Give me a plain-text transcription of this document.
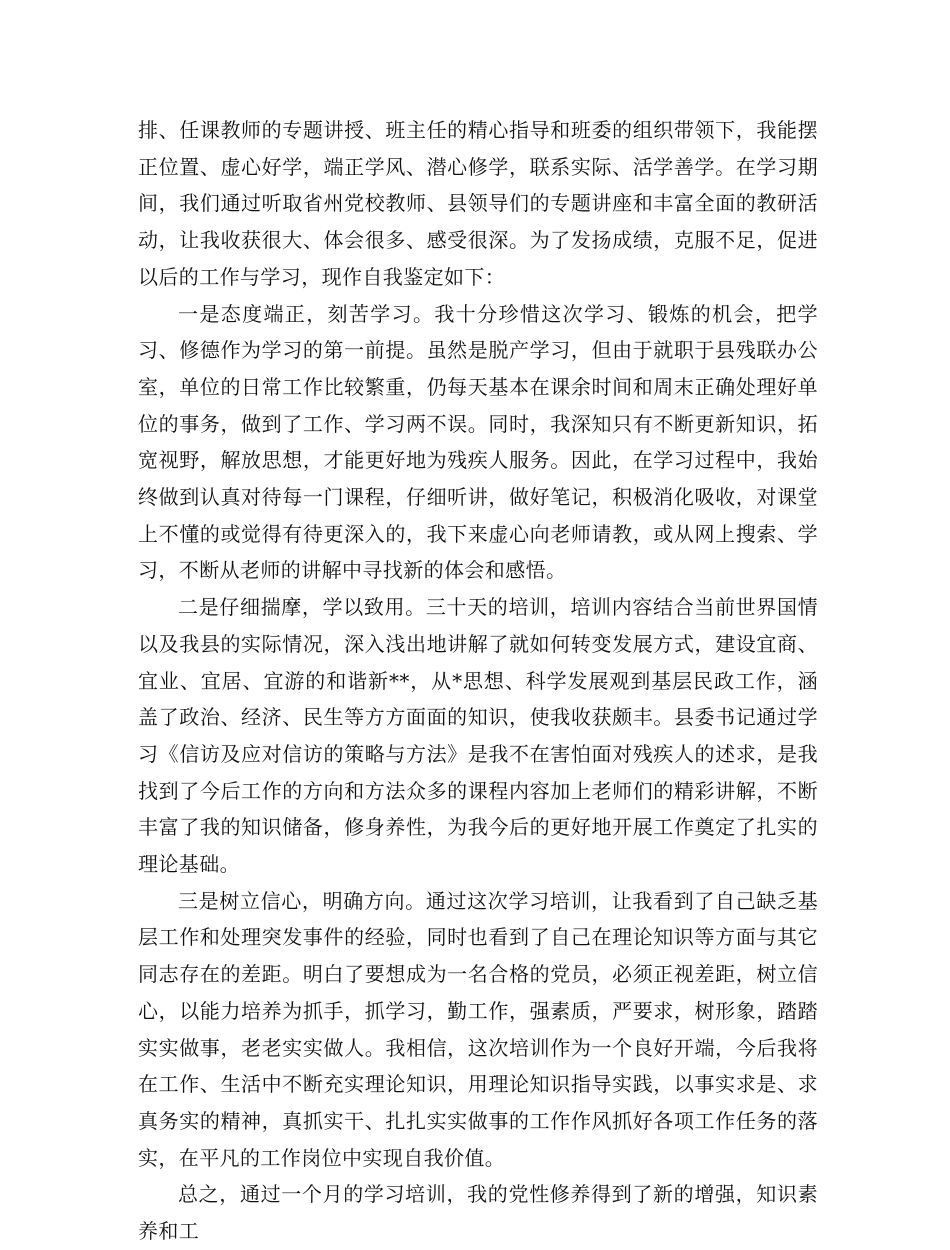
排、任课教师的专题讲授、班主任的精心指导和班委的组织带领下，我能摆正位置、虚心好学，端正学风、潜心修学，联系实际、活学善学。在学习期间，我们通过听取省州党校教师、县领导们的专题讲座和丰富全面的教研活动，让我收获很大、体会很多、感受很深。为了发扬成绩，克服不足，促进以后的工作与学习，现作自我鉴定如下：

一是态度端正，刻苦学习。我十分珍惜这次学习、锻炼的机会，把学习、修德作为学习的第一前提。虽然是脱产学习，但由于就职于县残联办公室，单位的日常工作比较繁重，仍每天基本在课余时间和周末正确处理好单位的事务，做到了工作、学习两不误。同时，我深知只有不断更新知识，拓宽视野，解放思想，才能更好地为残疾人服务。因此，在学习过程中，我始终做到认真对待每一门课程，仔细听讲，做好笔记，积极消化吸收，对课堂上不懂的或觉得有待更深入的，我下来虚心向老师请教，或从网上搜索、学习，不断从老师的讲解中寻找新的体会和感悟。

二是仔细揣摩，学以致用。三十天的培训，培训内容结合当前世界国情以及我县的实际情况，深入浅出地讲解了就如何转变发展方式，建设宜商、宜业、宜居、宜游的和谐新**，从*思想、科学发展观到基层民政工作，涵盖了政治、经济、民生等方方面面的知识，使我收获颇丰。县委书记通过学习《信访及应对信访的策略与方法》是我不在害怕面对残疾人的述求，是我找到了今后工作的方向和方法众多的课程内容加上老师们的精彩讲解，不断丰富了我的知识储备，修身养性，为我今后的更好地开展工作奠定了扎实的理论基础。

三是树立信心，明确方向。通过这次学习培训，让我看到了自己缺乏基层工作和处理突发事件的经验，同时也看到了自己在理论知识等方面与其它同志存在的差距。明白了要想成为一名合格的党员，必须正视差距，树立信心，以能力培养为抓手，抓学习，勤工作，强素质，严要求，树形象，踏踏实实做事，老老实实做人。我相信，这次培训作为一个良好开端，今后我将在工作、生活中不断充实理论知识，用理论知识指导实践，以事实求是、求真务实的精神，真抓实干、扎扎实实做事的工作作风抓好各项工作任务的落实，在平凡的工作岗位中实现自我价值。

总之，通过一个月的学习培训，我的党性修养得到了新的增强，知识素养和工
